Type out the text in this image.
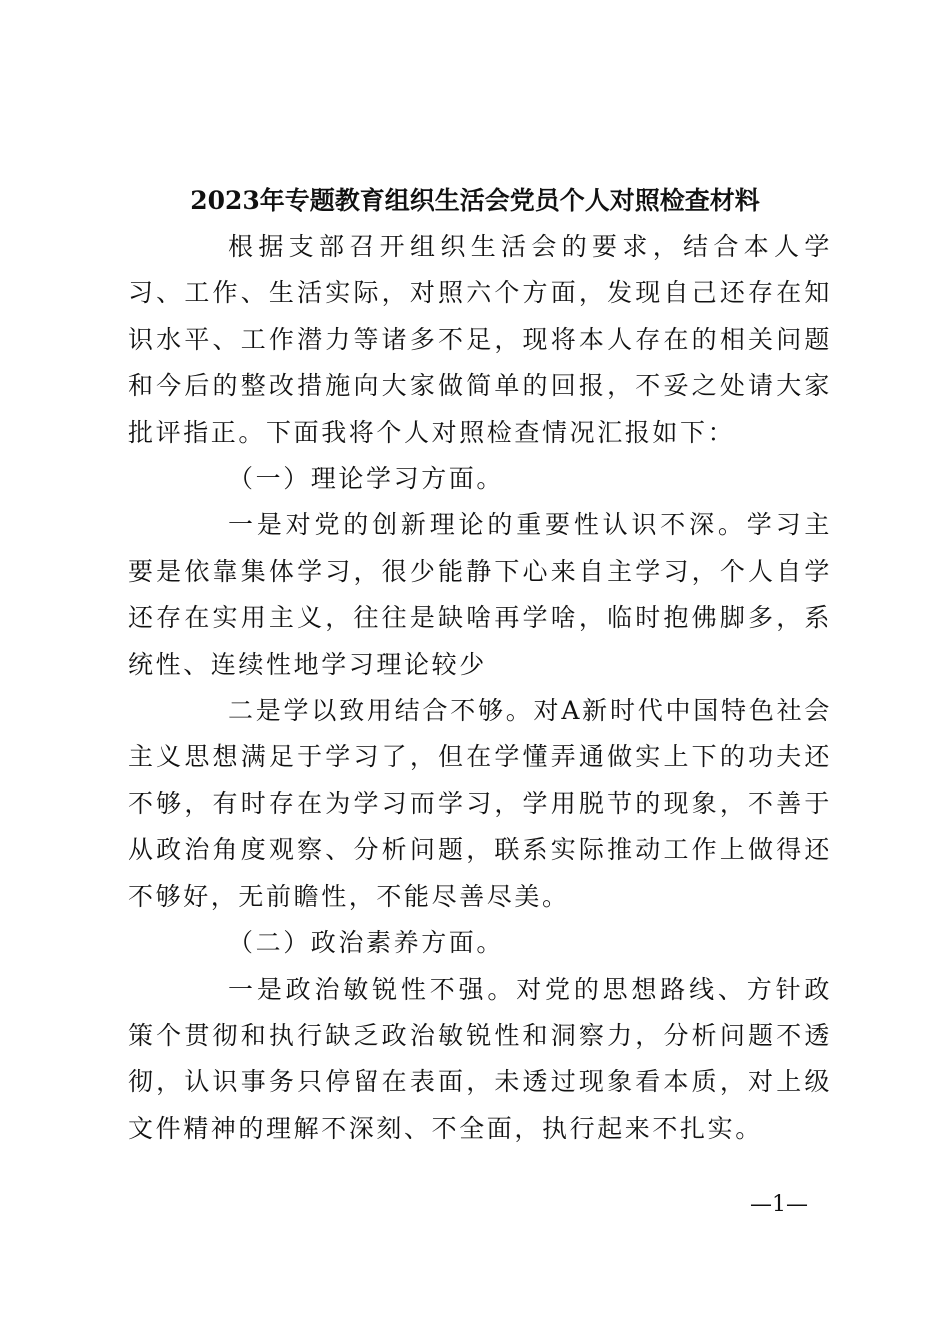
2023年专题教育组织生活会党员个人对照检查材料

根据支部召开组织生活会的要求，结合本人学习、工作、生活实际，对照六个方面，发现自己还存在知识水平、工作潜力等诸多不足，现将本人存在的相关问题和今后的整改措施向大家做简单的回报，不妥之处请大家批评指正。下面我将个人对照检查情况汇报如下：

（一）理论学习方面。

一是对党的创新理论的重要性认识不深。学习主要是依靠集体学习，很少能静下心来自主学习，个人自学还存在实用主义，往往是缺啥再学啥，临时抱佛脚多，系统性、连续性地学习理论较少

二是学以致用结合不够。对A新时代中国特色社会主义思想满足于学习了，但在学懂弄通做实上下的功夫还不够，有时存在为学习而学习，学用脱节的现象，不善于从政治角度观察、分析问题，联系实际推动工作上做得还不够好，无前瞻性，不能尽善尽美。

（二）政治素养方面。

一是政治敏锐性不强。对党的思想路线、方针政策个贯彻和执行缺乏政治敏锐性和洞察力，分析问题不透彻，认识事务只停留在表面，未透过现象看本质，对上级文件精神的理解不深刻、不全面，执行起来不扎实。

—1—
